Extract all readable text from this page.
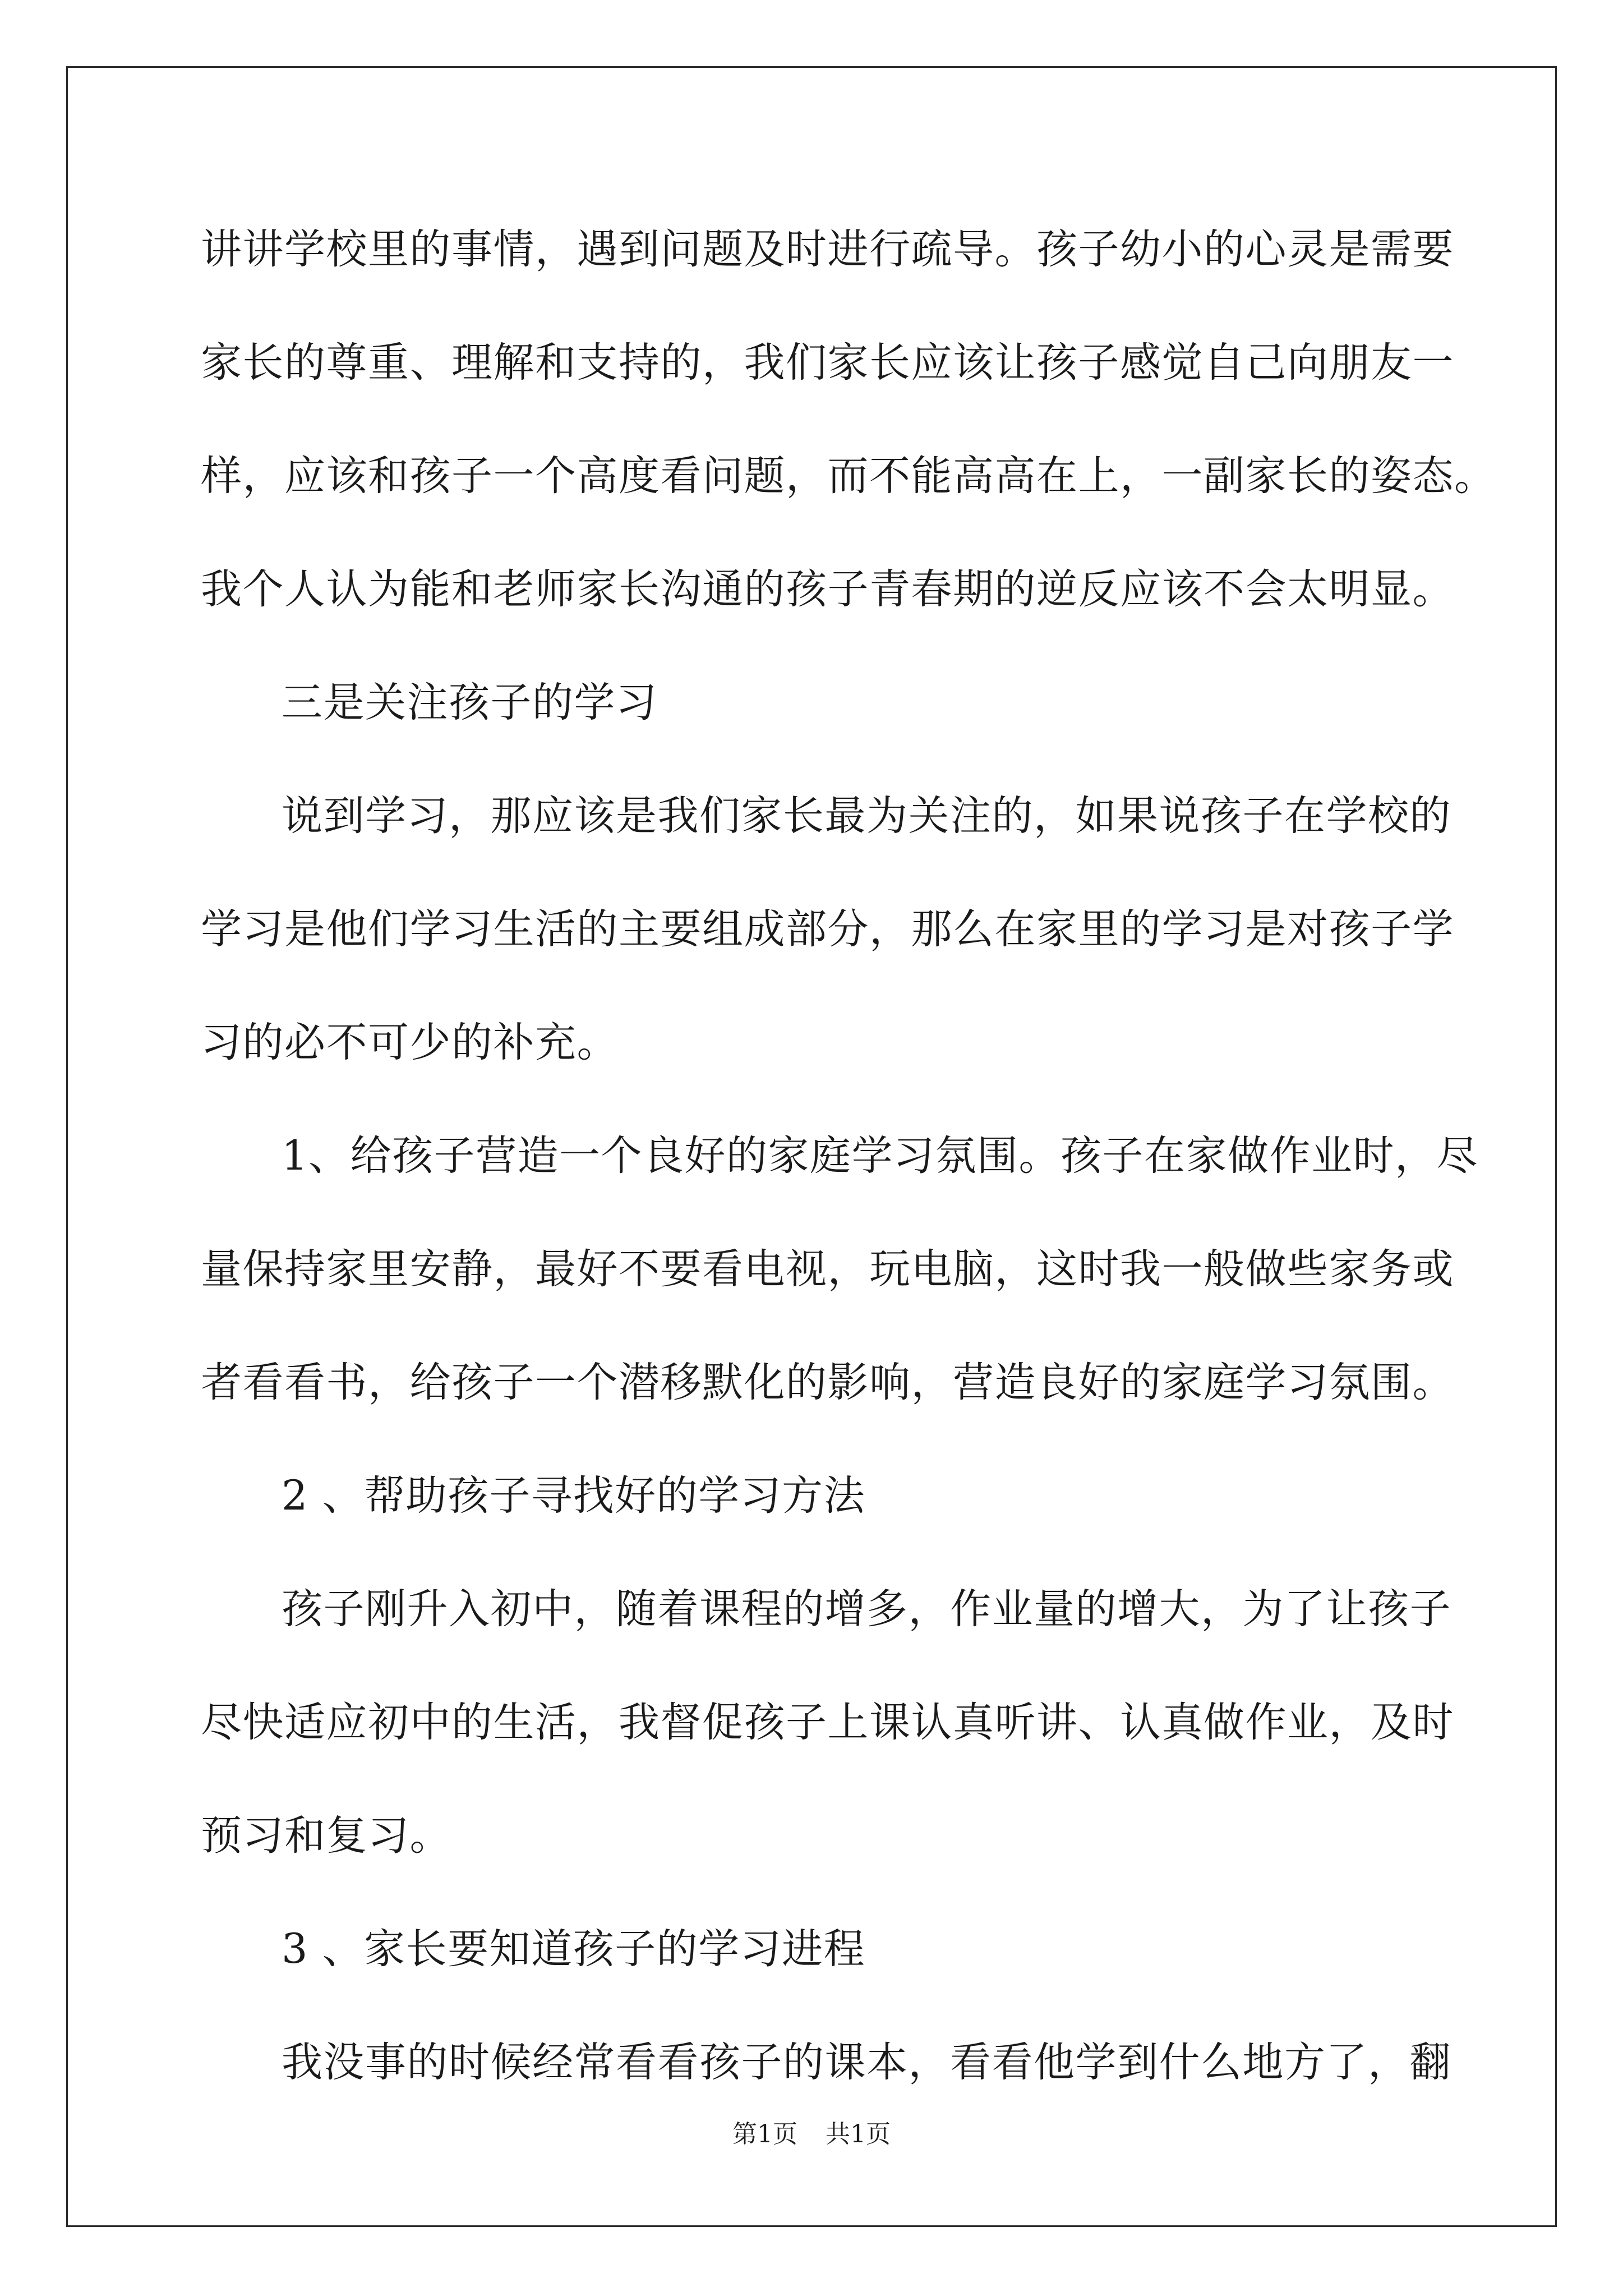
讲讲学校里的事情，遇到问题及时进行疏导。孩子幼小的心灵是需要
家长的尊重、理解和支持的，我们家长应该让孩子感觉自己向朋友一
样，应该和孩子一个高度看问题，而不能高高在上，一副家长的姿态。
我个人认为能和老师家长沟通的孩子青春期的逆反应该不会太明显。
三是关注孩子的学习
说到学习，那应该是我们家长最为关注的，如果说孩子在学校的
学习是他们学习生活的主要组成部分，那么在家里的学习是对孩子学
习的必不可少的补充。
1、给孩子营造一个良好的家庭学习氛围。孩子在家做作业时，尽
量保持家里安静，最好不要看电视，玩电脑，这时我一般做些家务或
者看看书，给孩子一个潜移默化的影响，营造良好的家庭学习氛围。
2 、帮助孩子寻找好的学习方法
孩子刚升入初中，随着课程的增多，作业量的增大，为了让孩子
尽快适应初中的生活，我督促孩子上课认真听讲、认真做作业，及时
预习和复习。
3 、家长要知道孩子的学习进程
我没事的时候经常看看孩子的课本，看看他学到什么地方了，翻
第1页 共1页
